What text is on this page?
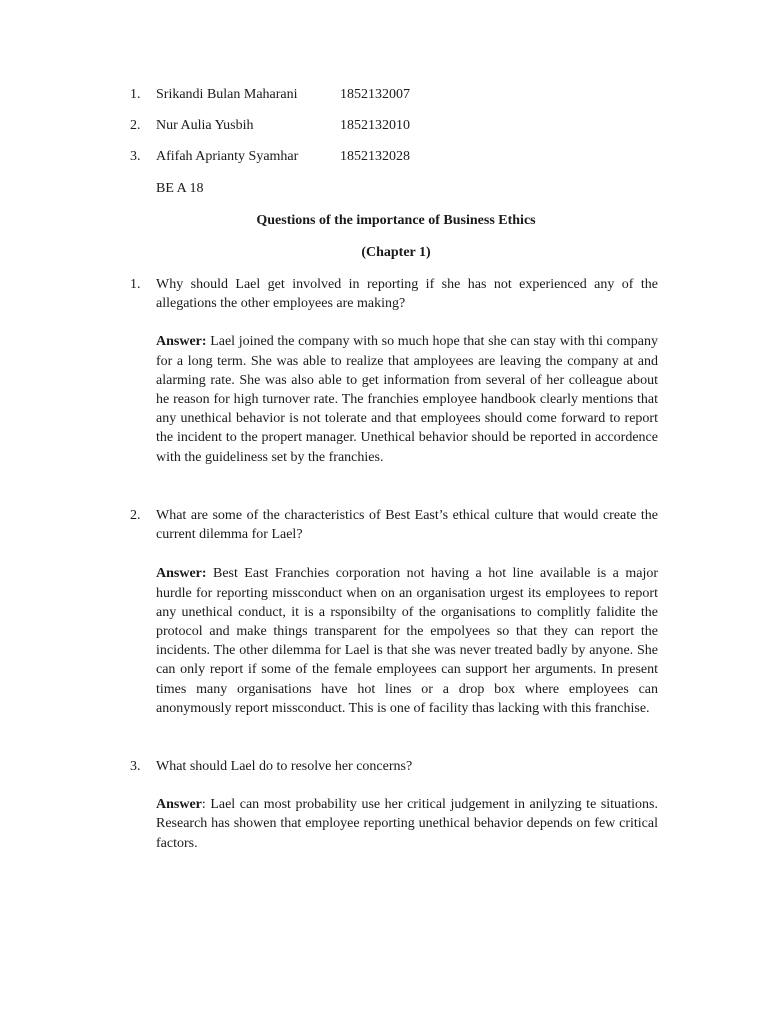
1. Srikandi Bulan Maharani	1852132007
2. Nur Aulia Yusbih	1852132010
3. Afifah Aprianty Syamhar	1852132028
BE A 18
Questions of the importance of Business Ethics
(Chapter 1)
1. Why should Lael get involved in reporting if she has not experienced any of the allegations the other employees are making?
Answer: Lael joined the company with so much hope that she can stay with thi company for a long term. She was able to realize that amployees are leaving the company at and alarming rate. She was also able to get information from several of her colleague about he reason for high turnover rate. The franchies employee handbook clearly mentions that any unethical behavior is not tolerate and that employees should come forward to report the incident to the propert manager. Unethical behavior should be reported in accordence with the guideliness set by the franchies.
2. What are some of the characteristics of Best East’s ethical culture that would create the current dilemma for Lael?
Answer: Best East Franchies corporation not having a hot line available is a major hurdle for reporting missconduct when on an organisation urgest its employees to report any unethical conduct, it is a rsponsibilty of the organisations to complitly falidite the protocol and make things transparent for the empolyees so that they can report the incidents. The other dilemma for Lael is that she was never treated badly by anyone. She can only report if some of the female employees can support her arguments. In present times many organisations have hot lines or a drop box where employees can anonymously report missconduct. This is one of facility thas lacking with this franchise.
3. What should Lael do to resolve her concerns?
Answer: Lael can most probability use her critical judgement in anilyzing te situations. Research has showen that employee reporting unethical behavior depends on few critical factors.
